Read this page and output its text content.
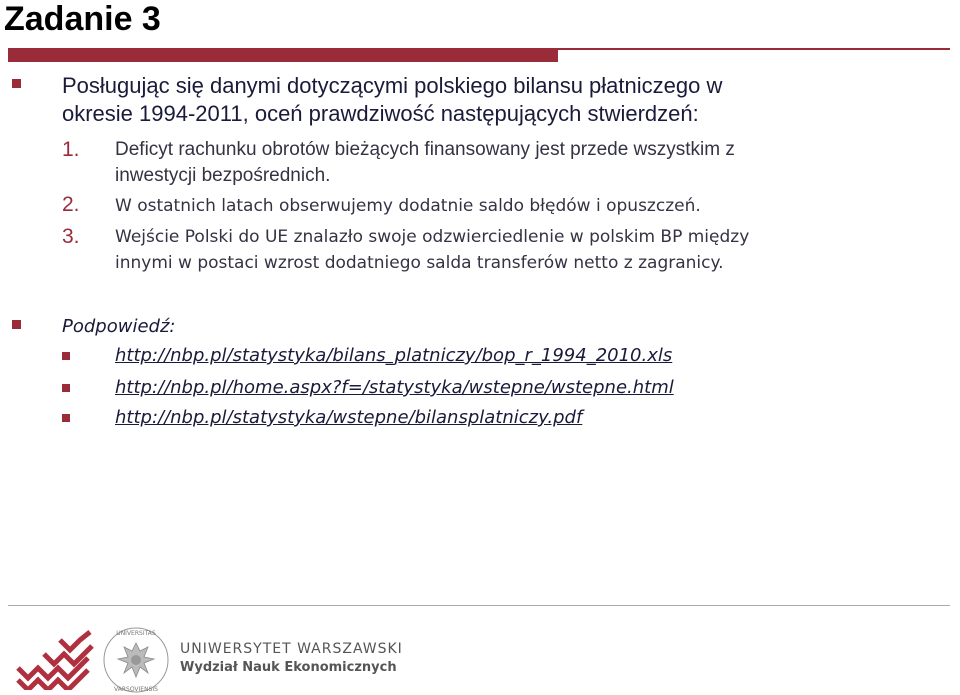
Zadanie 3
Posługując się danymi dotyczącymi polskiego bilansu płatniczego w
okresie 1994-2011, oceń prawdziwość następujących stwierdzeń:
1. Deficyt rachunku obrotów bieżących finansowany jest przede wszystkim z
inwestycji bezpośrednich.
2. W ostatnich latach obserwujemy dodatnie saldo błędów i opuszczeń.
3. Wejście Polski do UE znalazło swoje odzwierciedlenie w polskim BP między
innymi w postaci wzrost dodatniego salda transferów netto z zagranicy.
Podpowiedź:
http://nbp.pl/statystyka/bilans_platniczy/bop_r_1994_2010.xls
http://nbp.pl/home.aspx?f=/statystyka/wstepne/wstepne.html
http://nbp.pl/statystyka/wstepne/bilansplatniczy.pdf
UNIVERSITAS
VARSOVIENSIS
UNIWERSYTET WARSZAWSKI
Wydział Nauk Ekonomicznych
